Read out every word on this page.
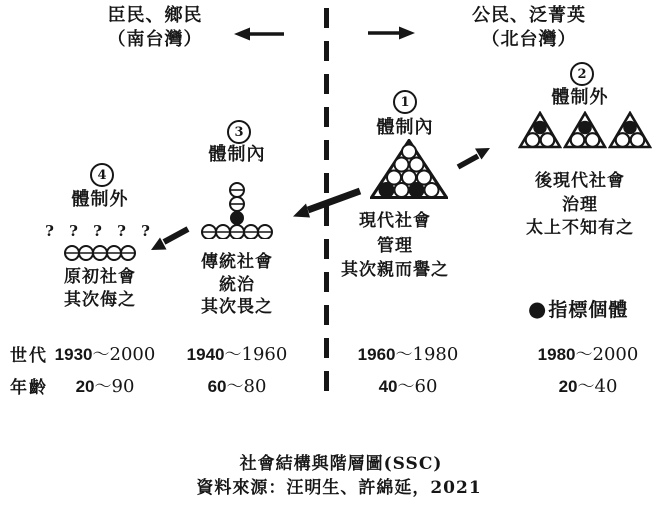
臣民、鄉民
（南台灣）
公民、泛菁英
（北台灣）
1
體制內
現代社會
管理
其次親而譽之
2
體制外
後現代社會
治理
太上不知有之
3
體制內
傳統社會
統治
其次畏之
4
體制外
? ? ? ? ?
原初社會
其次侮之	● 指標個體
世代 1930～2000	1940～1960	1960～1980	1980～2000
年齡	20～90	60～80	40～60	20～40
社會結構與階層圖(SSC)
資料來源：汪明生、許綿延，2021
